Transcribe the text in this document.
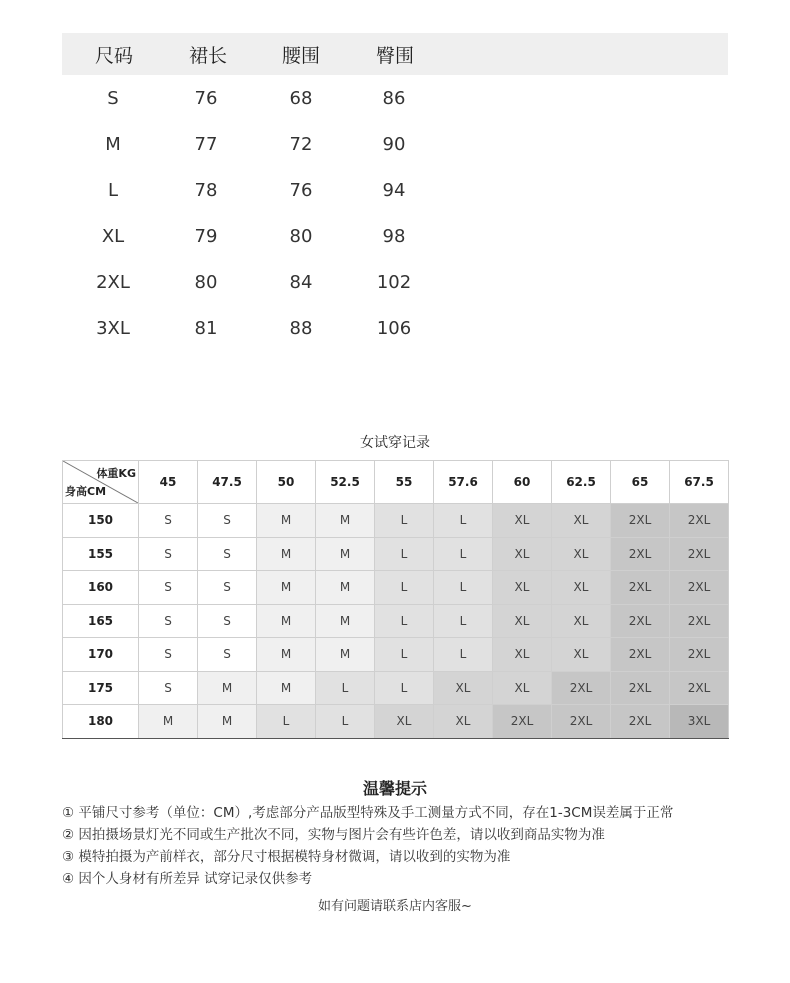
尺码	裙长	腰围	臀围
S	76	68	86
M	77	72	90
L	78	76	94
XL	79	80	98
2XL	80	84	102
3XL	81	88	106
女试穿记录
体重KG
身高CM	45	47.5	50	52.5	55	57.6	60	62.5	65	67.5
150	S	S	M	M	L	L	XL	XL	2XL	2XL
155	S	S	M	M	L	L	XL	XL	2XL	2XL
160	S	S	M	M	L	L	XL	XL	2XL	2XL
165	S	S	M	M	L	L	XL	XL	2XL	2XL
170	S	S	M	M	L	L	XL	XL	2XL	2XL
175	S	M	M	L	L	XL	XL	2XL	2XL	2XL
180	M	M	L	L	XL	XL	2XL	2XL	2XL	3XL
温馨提示
① 平铺尺寸参考（单位：CM）,考虑部分产品版型特殊及手工测量方式不同，存在1-3CM误差属于正常
② 因拍摄场景灯光不同或生产批次不同，实物与图片会有些许色差，请以收到商品实物为准
③ 模特拍摄为产前样衣，部分尺寸根据模特身材微调，请以收到的实物为准
④ 因个人身材有所差异 试穿记录仅供参考
如有问题请联系店内客服~
